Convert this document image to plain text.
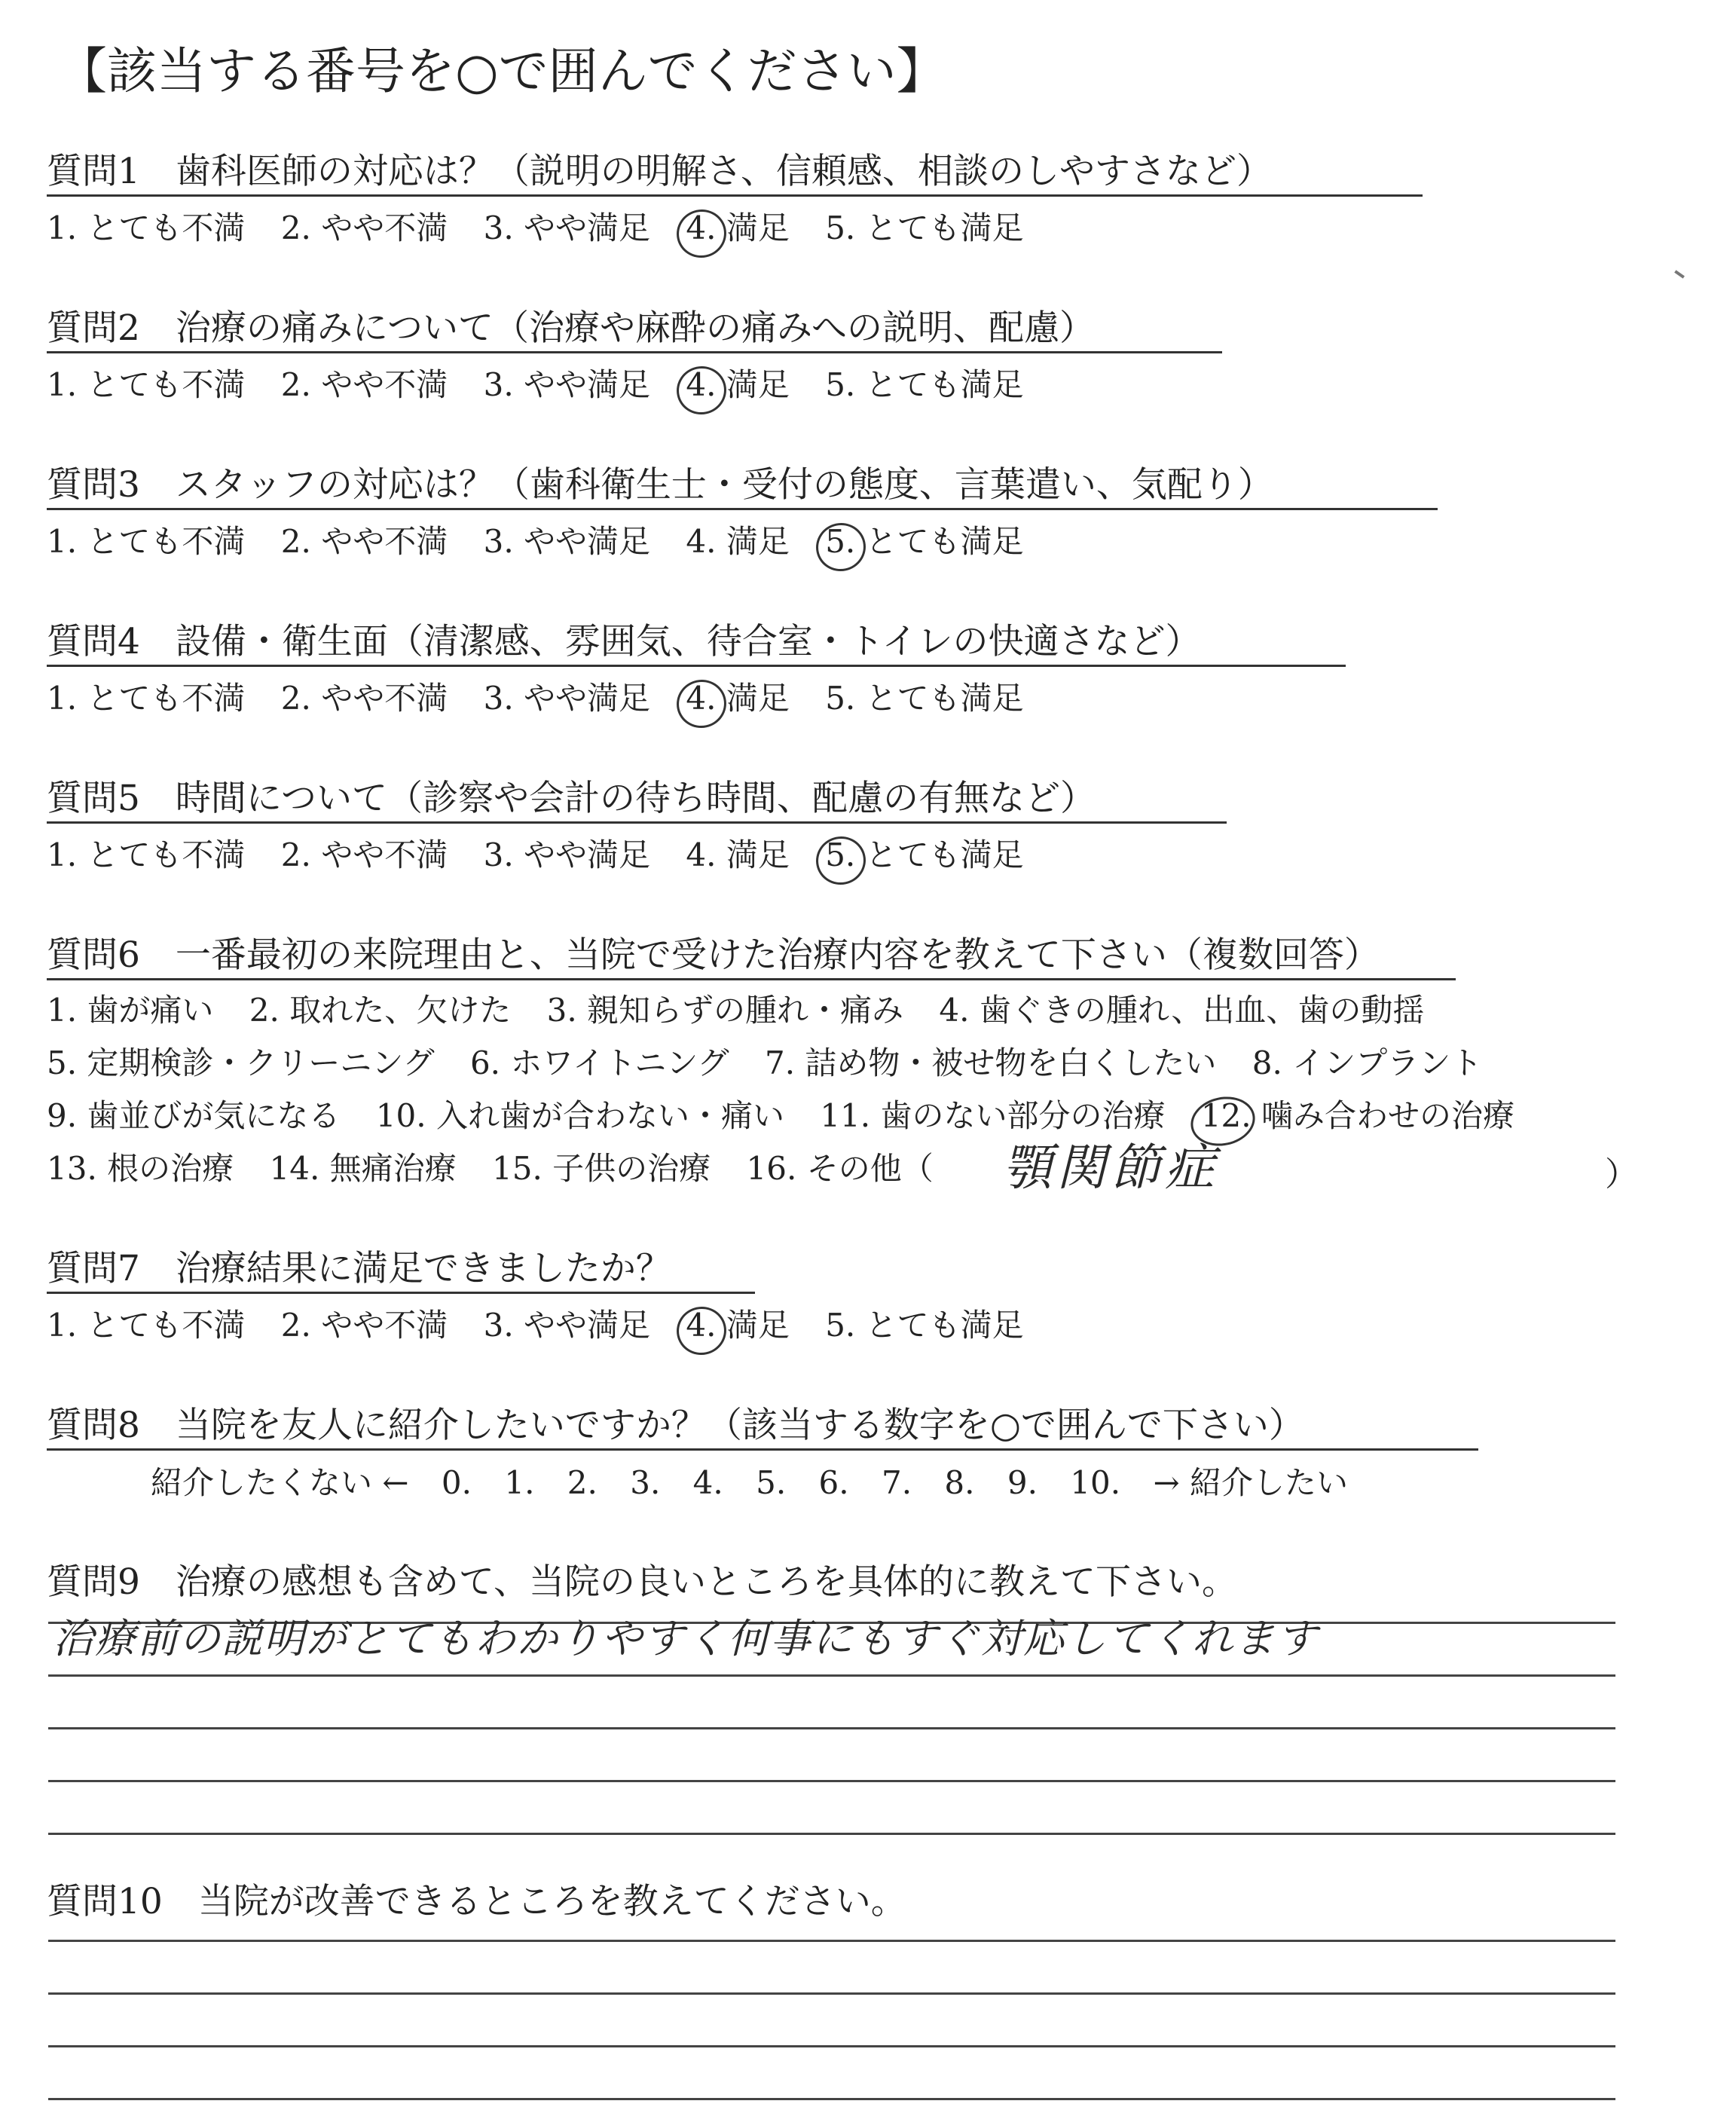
【該当する番号を○で囲んでください】
質問1　歯科医師の対応は？（説明の明解さ、信頼感、相談のしやすさなど）
1. とても不満 2. やや不満 3. やや満足 4. 満足 5. とても満足
質問2　治療の痛みについて（治療や麻酔の痛みへの説明、配慮）
1. とても不満 2. やや不満 3. やや満足 4. 満足 5. とても満足
質問3　スタッフの対応は？（歯科衛生士・受付の態度、言葉遣い、気配り）
1. とても不満 2. やや不満 3. やや満足 4. 満足 5. とても満足
質問4　設備・衛生面（清潔感、雰囲気、待合室・トイレの快適さなど）
1. とても不満 2. やや不満 3. やや満足 4. 満足 5. とても満足
質問5　時間について（診察や会計の待ち時間、配慮の有無など）
1. とても不満 2. やや不満 3. やや満足 4. 満足 5. とても満足
質問6　一番最初の来院理由と、当院で受けた治療内容を教えて下さい（複数回答）
1. 歯が痛い 2. 取れた、欠けた 3. 親知らずの腫れ・痛み 4. 歯ぐきの腫れ、出血、歯の動揺
5. 定期検診・クリーニング 6. ホワイトニング 7. 詰め物・被せ物を白くしたい 8. インプラント
9. 歯並びが気になる 10. 入れ歯が合わない・痛い 11. 歯のない部分の治療 12. 噛み合わせの治療
13. 根の治療 14. 無痛治療 15. 子供の治療 16. その他（	顎関節症	）
質問7　治療結果に満足できましたか？
1. とても不満 2. やや不満 3. やや満足 4. 満足 5. とても満足
質問8　当院を友人に紹介したいですか？（該当する数字を○で囲んで下さい）
紹介したくない ← 0. 1. 2. 3. 4. 5. 6. 7. 8. 9. 10. → 紹介したい
質問9　治療の感想も含めて、当院の良いところを具体的に教えて下さい。
治療前の説明がとてもわかりやすく何事にもすぐ対応してくれます
質問10　当院が改善できるところを教えてください。
